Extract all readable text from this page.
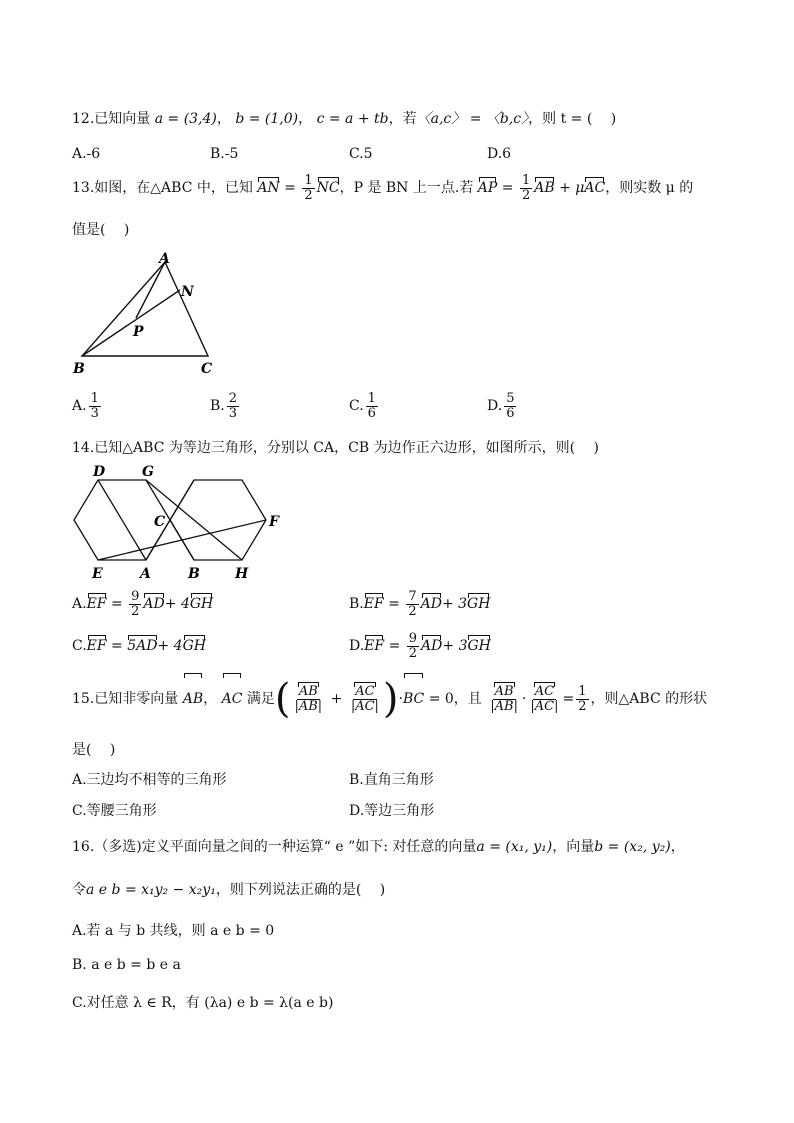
12.已知向量 a = (3,4)， b = (1,0)， c = a + tb，若〈a,c〉 = 〈b,c〉，则 t = (　 )
A.-6	B.-5	C.5	D.6
13.如图，在△ABC 中，已知 AN = $\frac{1}{2}$ NC，P 是 BN 上一点.若 AP = $\frac{1}{2}$ AB + μAC，则实数 μ 的
值是(　 )
A
N
P
B	C
A. $\frac{1}{3}$	B. $\frac{2}{3}$	C. $\frac{1}{6}$	D. $\frac{5}{6}$
14.已知△ABC 为等边三角形，分别以 CA，CB 为边作正六边形，如图所示，则(　 )
D	G
C	F
E	A	B	H
$A.EF = \frac{9}{2} AD+ 4GH$	$B.EF = \frac{7}{2} AD+ 3GH$
C.EF = 5AD+ 4GH	$D.EF = \frac{9}{2} AD+ 3GH$
15.已知非零向量 AB， AC 满足( $\frac{AB}{|AB|} + \frac{AC}{|AC|} )\cdot BC = 0$，且 $\frac{AB}{|AB|} \cdot \frac{AC}{|AC|} = \frac{1}{2}$ ，则△ABC 的形状
是(　 )
A.三边均不相等的三角形	B.直角三角形
C.等腰三角形	D.等边三角形
16.（多选)定义平面向量之间的一种运算“ e ”如下: 对任意的向量a = (x₁, y₁)，向量b = (x₂, y₂)，
令a e b = x₁y₂ − x₂y₁，则下列说法正确的是(　 )
A.若 a 与 b 共线，则 a e b = 0
B. a e b = b e a
C.对任意 λ ∈ R，有 (λa) e b = λ(a e b)
